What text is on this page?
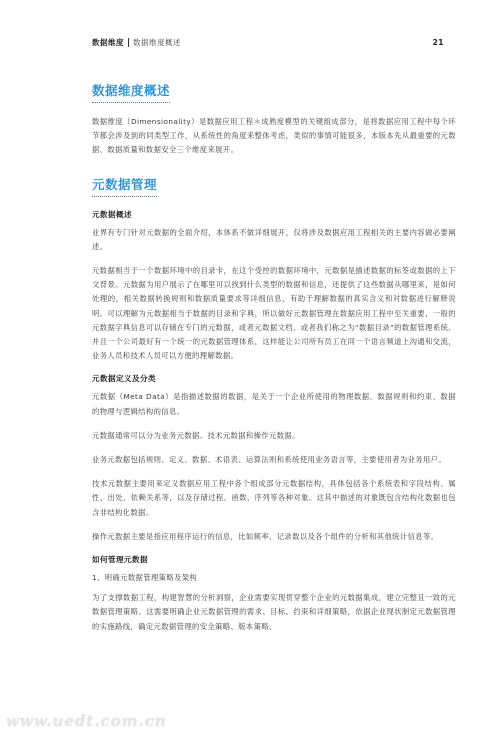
数据维度 数据维度概述	21
数据维度概述

数据维度（Dimensionality）是数据应用工程＊成熟度模型的关键组成部分，是将数据应用工程中每个环节都会涉及到的同类型工作，从系统性的角度来整体考虑，类似的事情可能很多，本版本先从最重要的元数据、数据质量和数据安全三个维度来展开。

元数据管理
元数据概述

业界有专门针对元数据的全面介绍，本体系不做详细展开，仅将涉及数据应用工程相关的主要内容做必要阐述。

元数据相当于一个数据环境中的目录卡，在这个受控的数据环境中，元数据是描述数据的标签或数据的上下文背景。元数据为用户展示了在哪里可以找到什么类型的数据和信息，还提供了这些数据从哪里来，是如何处理的，相关数据转换规则和数据质量要求等详细信息，有助于理解数据的真实含义和对数据进行解释说明。可以理解为元数据相当于数据的目录和字典，所以做好元数据管理在数据应用工程中至关重要，一般的元数据字典信息可以存储在专门的元数据，或者元数据文档，或者我们称之为“数据目录”的数据管理系统。并且一个公司最好有一个统一的元数据管理体系，这样能让公司所有员工在同一个语言频道上沟通和交流，业务人员和技术人员可以方便的理解数据。

元数据定义及分类

元数据（Meta Data）是指描述数据的数据，是关于一个企业所使用的物理数据、数据规则和约束、数据的物理与逻辑结构的信息。

元数据通常可以分为业务元数据、技术元数据和操作元数据。

业务元数据包括规则、定义、数据、术语表、运算法则和系统使用业务语言等，主要使用者为业务用户。

技术元数据主要用来定义数据应用工程中各个组成部分元数据结构，具体包括各个系统表和字段结构、属性、出处、依赖关系等，以及存储过程、函数、序列等各种对象。这其中描述的对象既包含结构化数据也包含非结构化数据。

操作元数据主要是指应用程序运行的信息，比如频率、记录数以及各个组件的分析和其他统计信息等。

如何管理元数据

1、明确元数据管理策略及架构

为了支撑数据工程，构建智慧的分析洞察，企业需要实现贯穿整个企业的元数据集成，建立完整且一致的元数据管理策略。这需要明确企业元数据管理的需求、目标、约束和详细策略，依据企业现状制定元数据管理的实施路线，确定元数据管理的安全策略、版本策略、

www.uedt.com.cn
